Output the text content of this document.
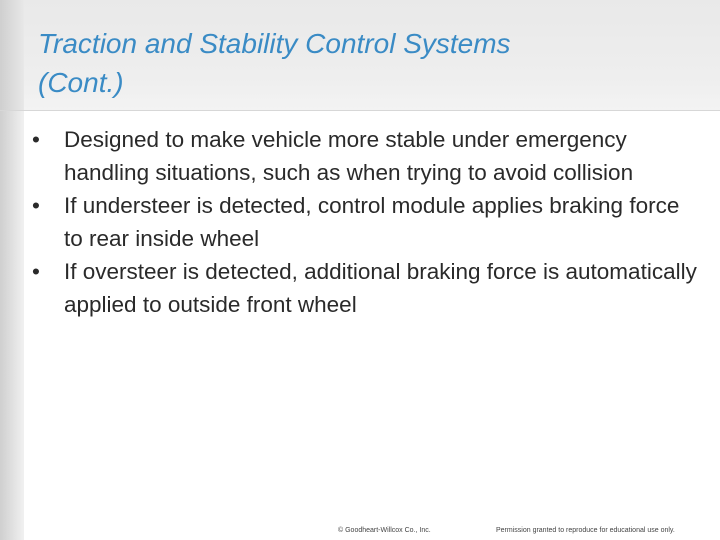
Traction and Stability Control Systems
(Cont.)
•	Designed to make vehicle more stable under emergency handling situations, such as when trying to avoid collision
•	If understeer is detected, control module applies braking force to rear inside wheel
•	If oversteer is detected, additional braking force is automatically applied to outside front wheel
© Goodheart-Willcox Co., Inc.	Permission granted to reproduce for educational use only.
